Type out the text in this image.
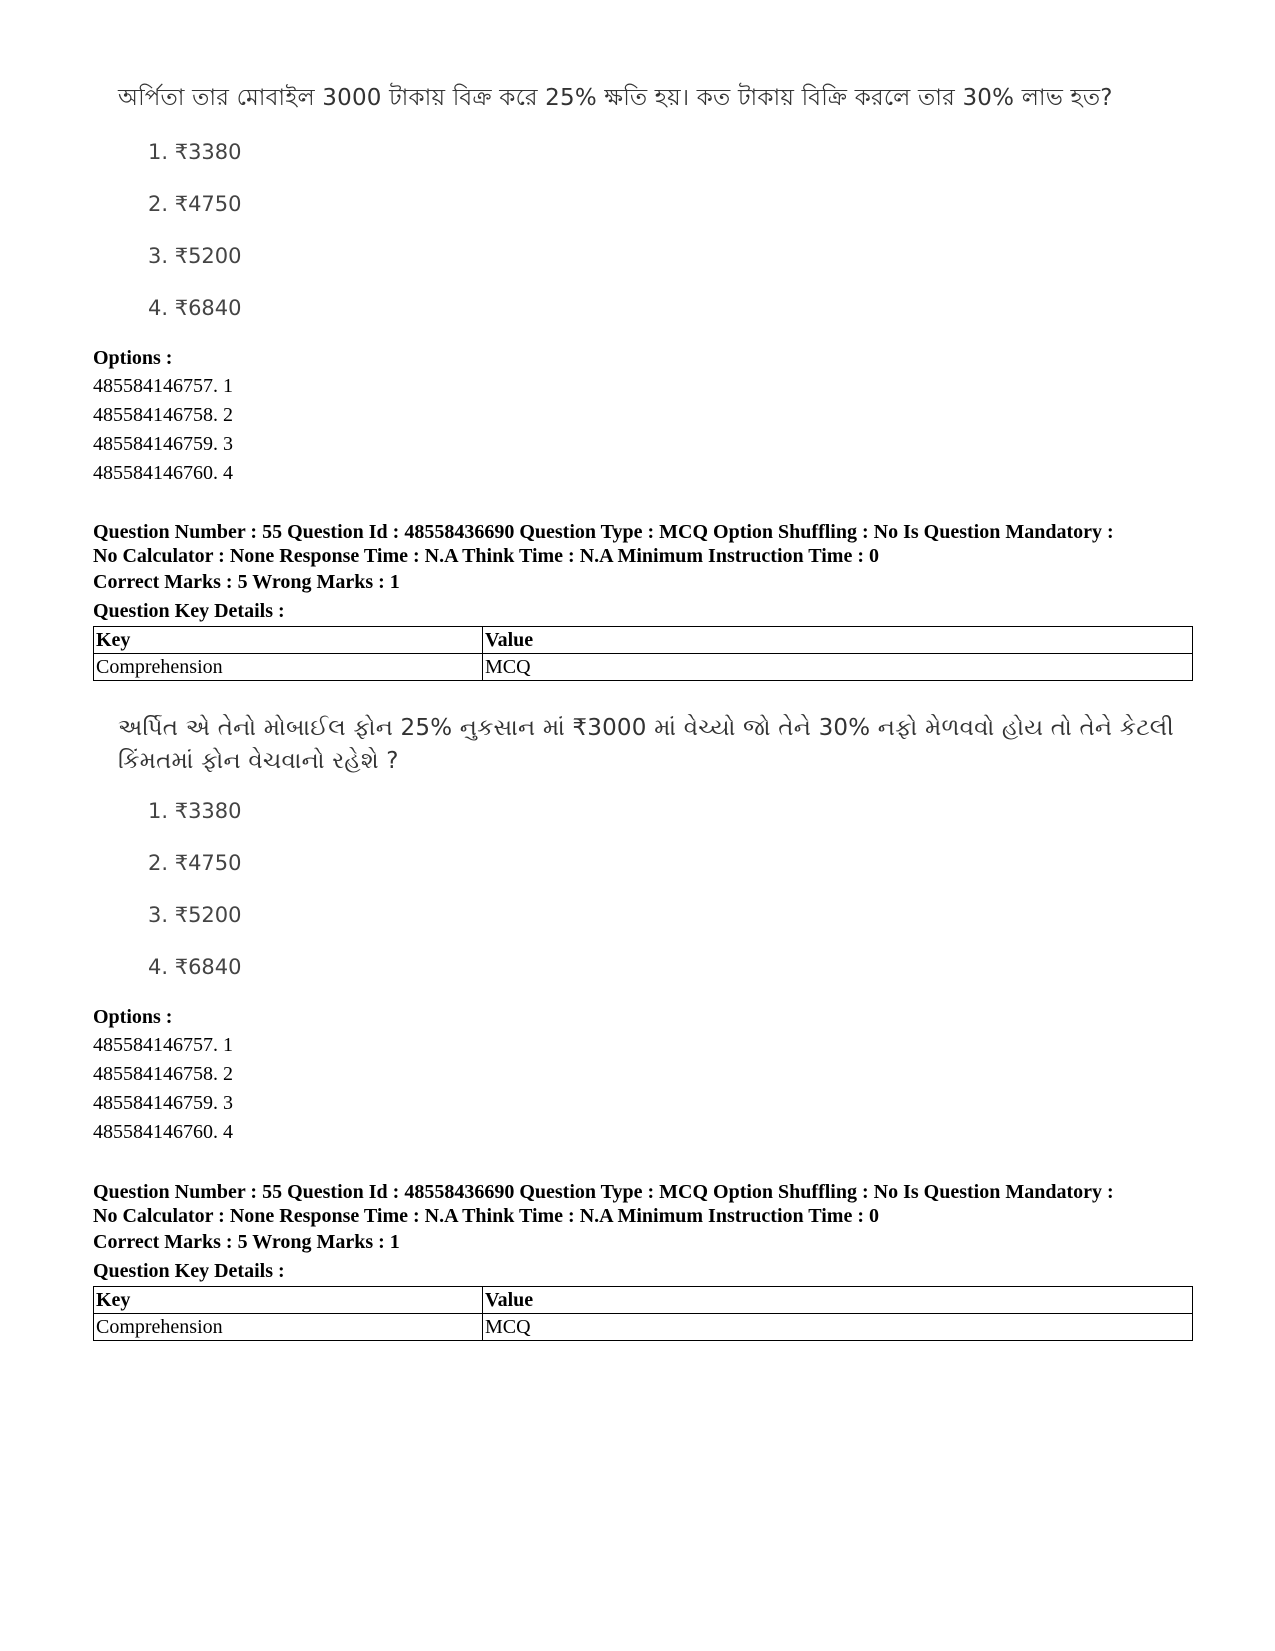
অর্পিতা তার মোবাইল 3000 টাকায় বিক্র করে 25% ক্ষতি হয়। কত টাকায় বিক্রি করলে তার 30% লাভ হত?
1. ₹3380
2. ₹4750
3. ₹5200
4. ₹6840
Options :
485584146757. 1
485584146758. 2
485584146759. 3
485584146760. 4
Question Number : 55 Question Id : 48558436690 Question Type : MCQ Option Shuffling : No Is Question Mandatory :
No Calculator : None Response Time : N.A Think Time : N.A Minimum Instruction Time : 0
Correct Marks : 5 Wrong Marks : 1
Question Key Details :
Key	Value
Comprehension	MCQ
અર્પિત એ તેનો મોબાઈલ ફોન 25% નુકસાન માં ₹3000 માં વેચ્યો જો તેને 30% નફો મેળવવો હોય તો તેને કેટલી
કિંમતમાં ફોન વેચવાનો રહેશે ?
1. ₹3380
2. ₹4750
3. ₹5200
4. ₹6840
Options :
485584146757. 1
485584146758. 2
485584146759. 3
485584146760. 4
Question Number : 55 Question Id : 48558436690 Question Type : MCQ Option Shuffling : No Is Question Mandatory :
No Calculator : None Response Time : N.A Think Time : N.A Minimum Instruction Time : 0
Correct Marks : 5 Wrong Marks : 1
Question Key Details :
Key	Value
Comprehension	MCQ
